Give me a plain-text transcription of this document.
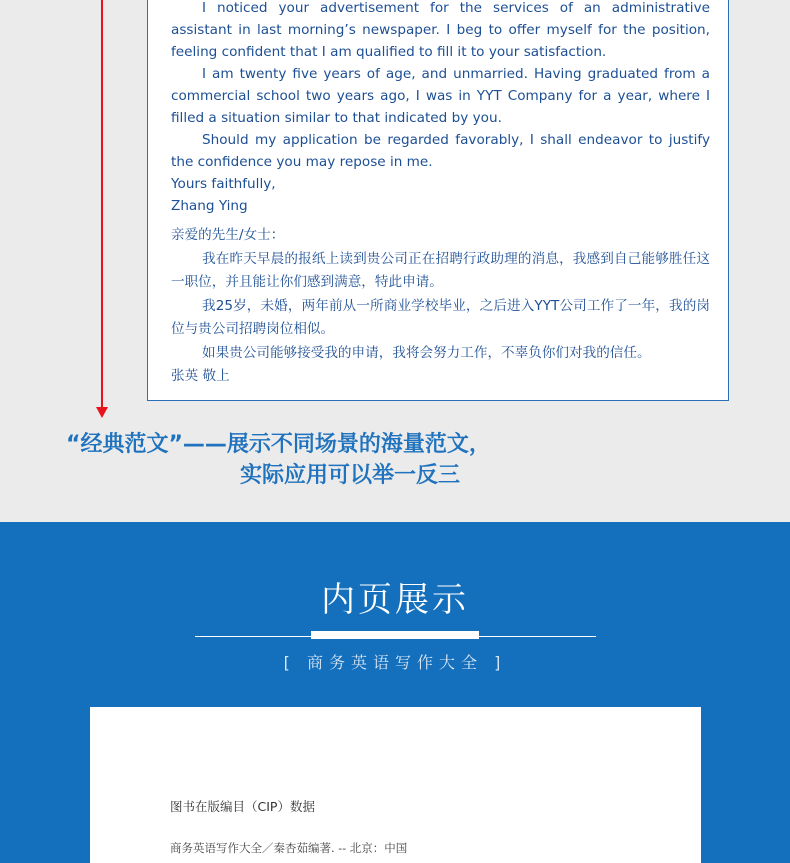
I noticed your advertisement for the services of an administrative assistant in last morning’s newspaper. I beg to offer myself for the position, feeling confident that I am qualified to fill it to your satisfaction.

I am twenty five years of age, and unmarried. Having graduated from a commercial school two years ago, I was in YYT Company for a year, where I filled a situation similar to that indicated by you.

Should my application be regarded favorably, I shall endeavor to justify the confidence you may repose in me.

Yours faithfully,

Zhang Ying

亲爱的先生/女士：

我在昨天早晨的报纸上读到贵公司正在招聘行政助理的消息，我感到自己能够胜任这一职位，并且能让你们感到满意，特此申请。

我25岁，未婚，两年前从一所商业学校毕业，之后进入YYT公司工作了一年，我的岗位与贵公司招聘岗位相似。

如果贵公司能够接受我的申请，我将会努力工作，不辜负你们对我的信任。

张英 敬上

“经典范文”——展示不同场景的海量范文，
实际应用可以举一反三
内页展示
[ 商务英语写作大全 ]
图书在版编目（CIP）数据
商务英语写作大全／秦杏茹编著. -- 北京：中国
